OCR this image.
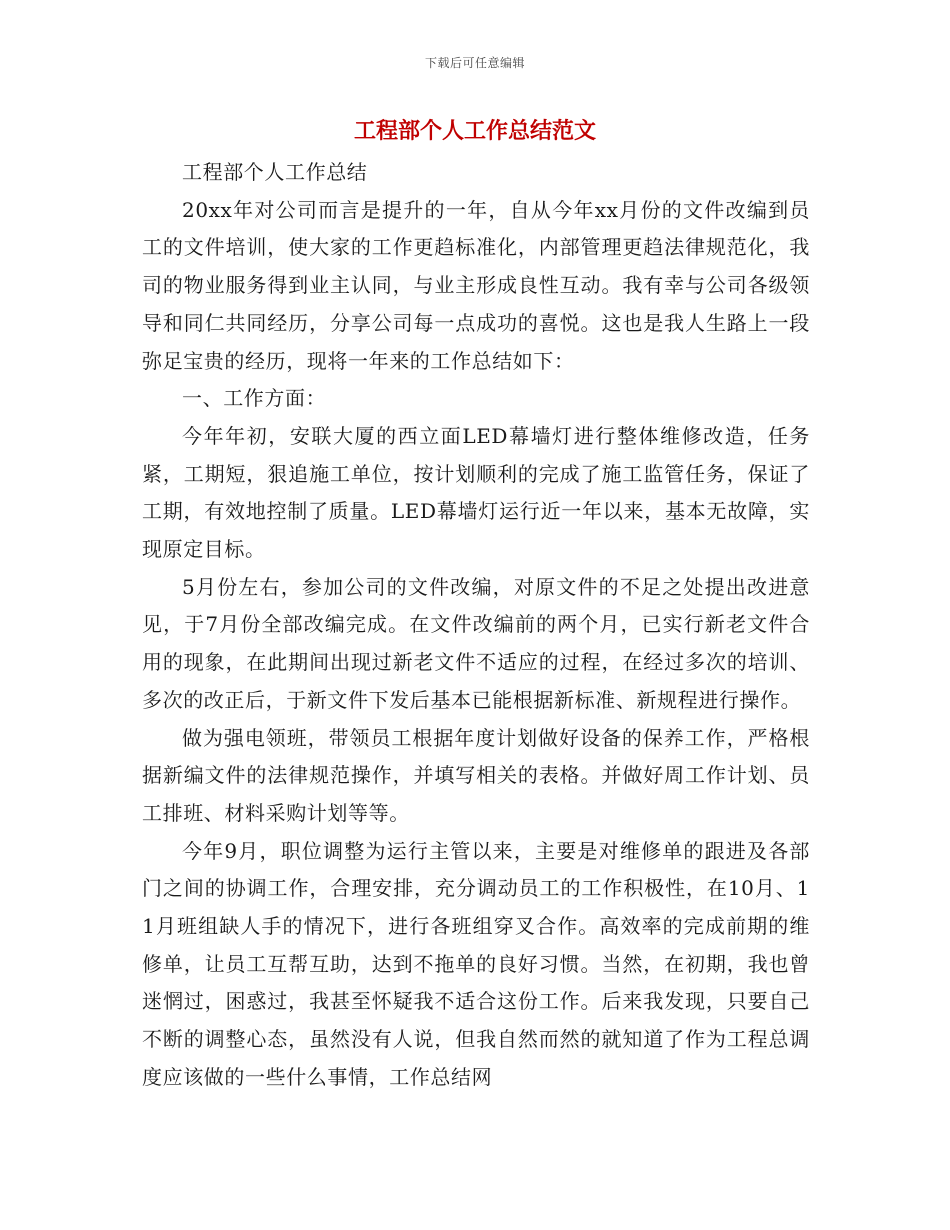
下载后可任意编辑
工程部个人工作总结范文

工程部个人工作总结

20xx年对公司而言是提升的一年，自从今年xx月份的文件改编到员工的文件培训，使大家的工作更趋标准化，内部管理更趋法律规范化，我司的物业服务得到业主认同，与业主形成良性互动。我有幸与公司各级领导和同仁共同经历，分享公司每一点成功的喜悦。这也是我人生路上一段弥足宝贵的经历，现将一年来的工作总结如下：

一、工作方面：

今年年初，安联大厦的西立面LED幕墙灯进行整体维修改造，任务紧，工期短，狠追施工单位，按计划顺利的完成了施工监管任务，保证了工期，有效地控制了质量。LED幕墙灯运行近一年以来，基本无故障，实现原定目标。

5月份左右，参加公司的文件改编，对原文件的不足之处提出改进意见，于7月份全部改编完成。在文件改编前的两个月，已实行新老文件合用的现象，在此期间出现过新老文件不适应的过程，在经过多次的培训、多次的改正后，于新文件下发后基本已能根据新标准、新规程进行操作。

做为强电领班，带领员工根据年度计划做好设备的保养工作，严格根据新编文件的法律规范操作，并填写相关的表格。并做好周工作计划、员工排班、材料采购计划等等。

今年9月，职位调整为运行主管以来，主要是对维修单的跟进及各部门之间的协调工作，合理安排，充分调动员工的工作积极性，在10月、11月班组缺人手的情况下，进行各班组穿叉合作。高效率的完成前期的维修单，让员工互帮互助，达到不拖单的良好习惯。当然，在初期，我也曾迷惘过，困惑过，我甚至怀疑我不适合这份工作。后来我发现，只要自己不断的调整心态，虽然没有人说，但我自然而然的就知道了作为工程总调度应该做的一些什么事情，工作总结网
